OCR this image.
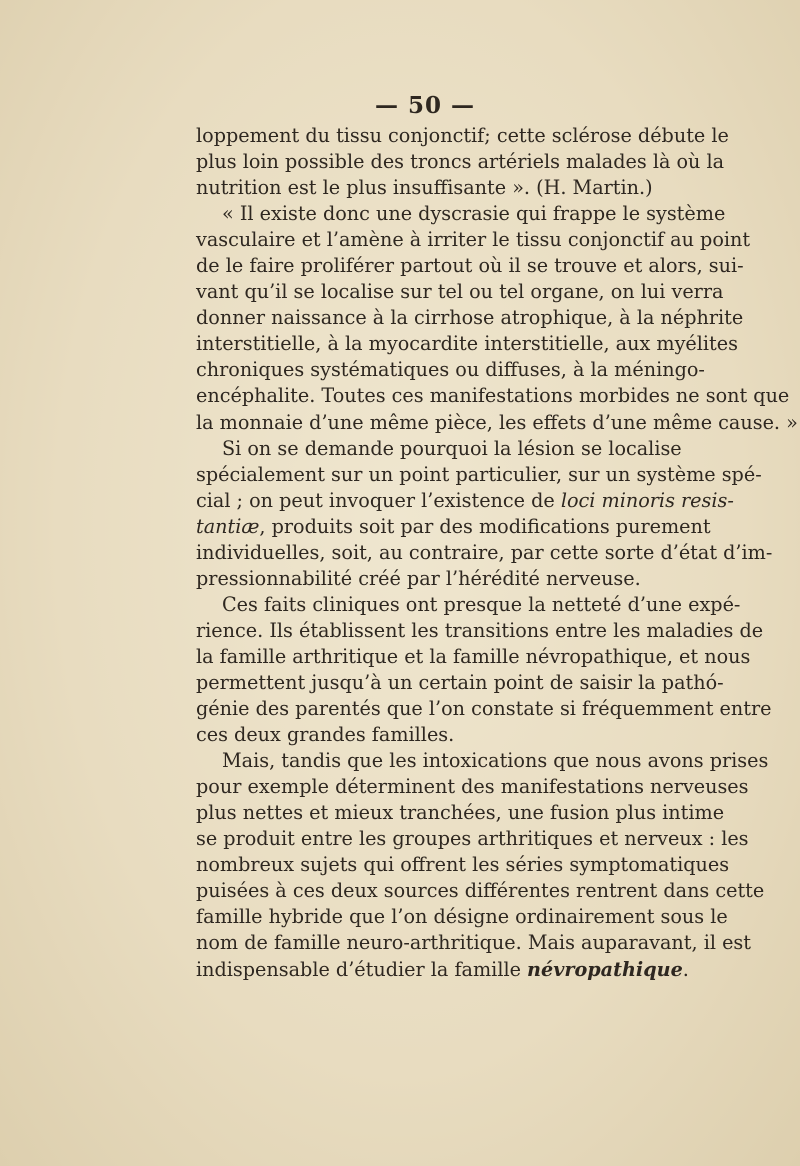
— 50 —
loppement du tissu conjonctif; cette sclérose débute le
plus loin possible des troncs artériels malades là où la
nutrition est le plus insuffisante ». (H. Martin.)
« Il existe donc une dyscrasie qui frappe le système
vasculaire et l’amène à irriter le tissu conjonctif au point
de le faire proliférer partout où il se trouve et alors, sui-
vant qu’il se localise sur tel ou tel organe, on lui verra
donner naissance à la cirrhose atrophique, à la néphrite
interstitielle, à la myocardite interstitielle, aux myélites
chroniques systématiques ou diffuses, à la méningo-
encéphalite. Toutes ces manifestations morbides ne sont que
la monnaie d’une même pièce, les effets d’une même cause. »
Si on se demande pourquoi la lésion se localise
spécialement sur un point particulier, sur un système spé-
cial ; on peut invoquer l’existence de loci minoris resis-
tantiæ, produits soit par des modifications purement
individuelles, soit, au contraire, par cette sorte d’état d’im-
pressionnabilité créé par l’hérédité nerveuse.
Ces faits cliniques ont presque la netteté d’une expé-
rience. Ils établissent les transitions entre les maladies de
la famille arthritique et la famille névropathique, et nous
permettent jusqu’à un certain point de saisir la pathó-
génie des parentés que l’on constate si fréquemment entre
ces deux grandes familles.
Mais, tandis que les intoxications que nous avons prises
pour exemple déterminent des manifestations nerveuses
plus nettes et mieux tranchées, une fusion plus intime
se produit entre les groupes arthritiques et nerveux : les
nombreux sujets qui offrent les séries symptomatiques
puisées à ces deux sources différentes rentrent dans cette
famille hybride que l’on désigne ordinairement sous le
nom de famille neuro-arthritique. Mais auparavant, il est
indispensable d’étudier la famille névropathique.
